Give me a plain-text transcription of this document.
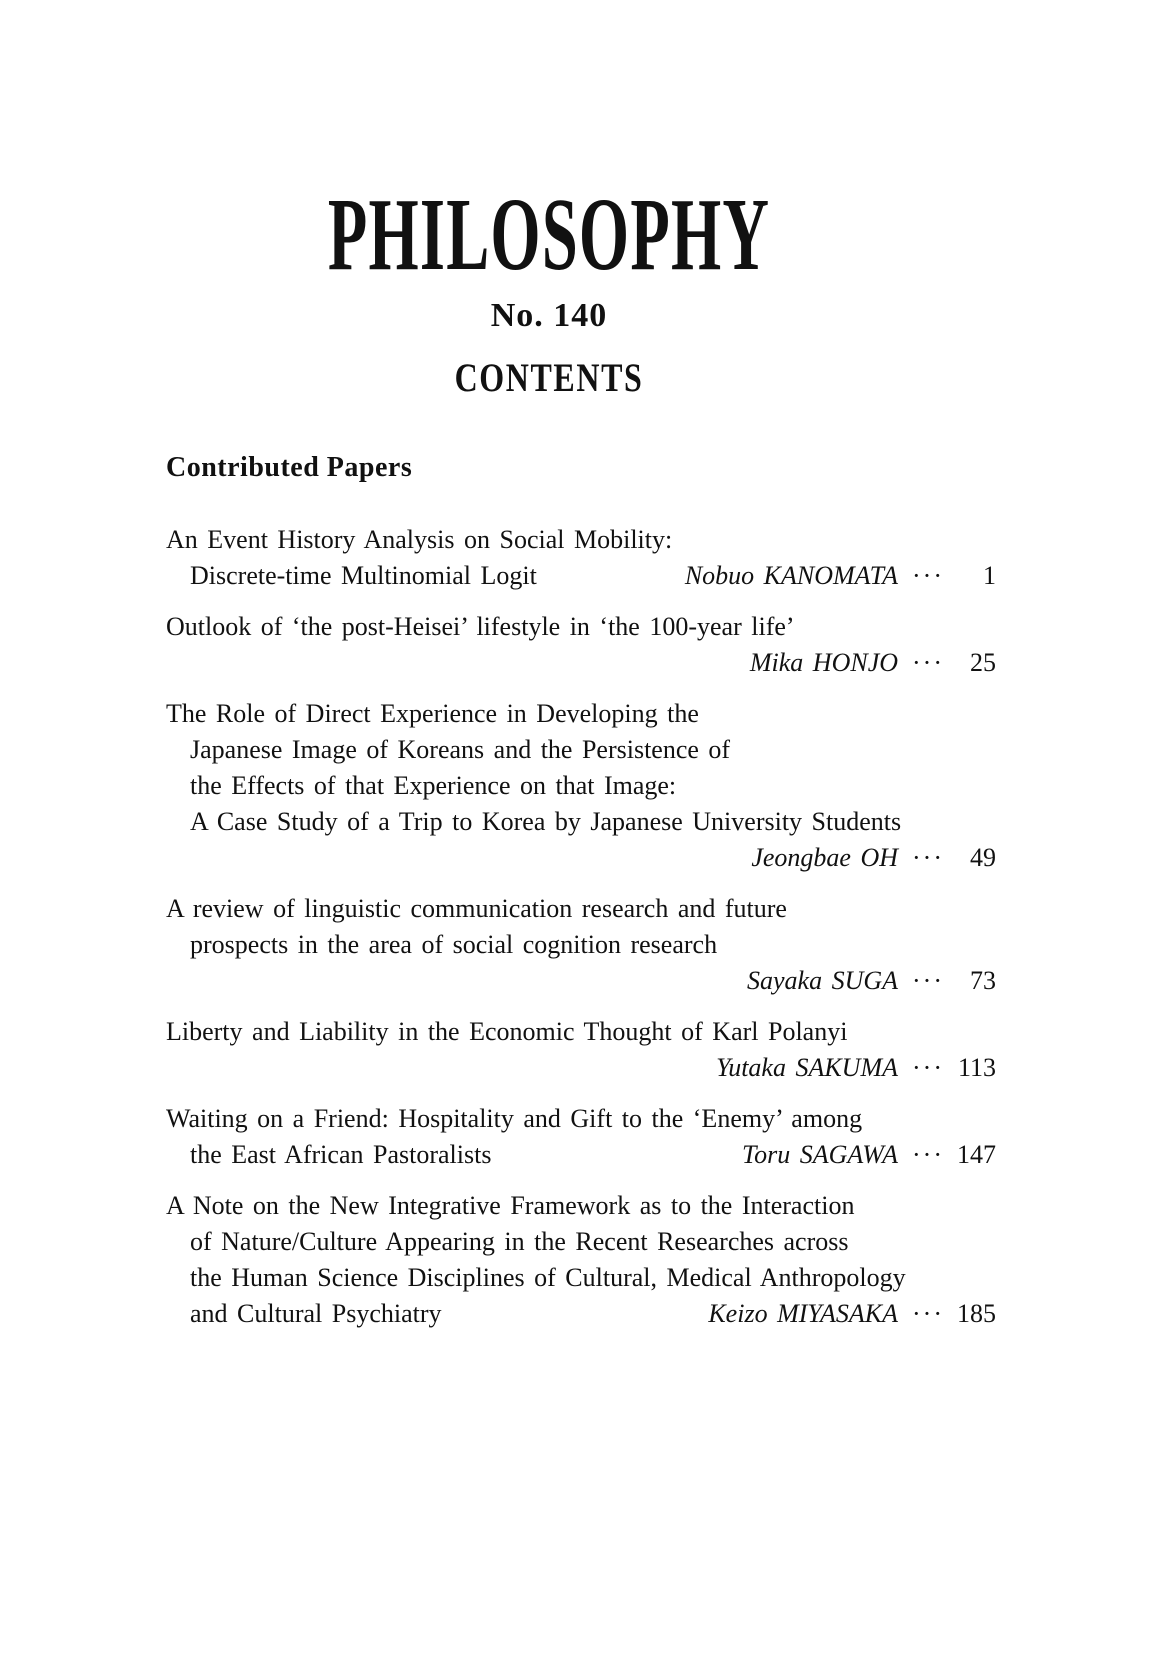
PHILOSOPHY
No. 140
CONTENTS
Contributed Papers
An Event History Analysis on Social Mobility:
Discrete-time Multinomial Logit	Nobuo KANOMATA ···	1
Outlook of ‘the post-Heisei’ lifestyle in ‘the 100-year life’
Mika HONJO ···	25
The Role of Direct Experience in Developing the
Japanese Image of Koreans and the Persistence of
the Effects of that Experience on that Image:
A Case Study of a Trip to Korea by Japanese University Students
Jeongbae OH ···	49
A review of linguistic communication research and future
prospects in the area of social cognition research
Sayaka SUGA ···	73
Liberty and Liability in the Economic Thought of Karl Polanyi
Yutaka SAKUMA ··· 113
Waiting on a Friend: Hospitality and Gift to the ‘Enemy’ among
the East African Pastoralists	Toru SAGAWA ··· 147
A Note on the New Integrative Framework as to the Interaction
of Nature/Culture Appearing in the Recent Researches across
the Human Science Disciplines of Cultural, Medical Anthropology
and Cultural Psychiatry	Keizo MIYASAKA ··· 185
